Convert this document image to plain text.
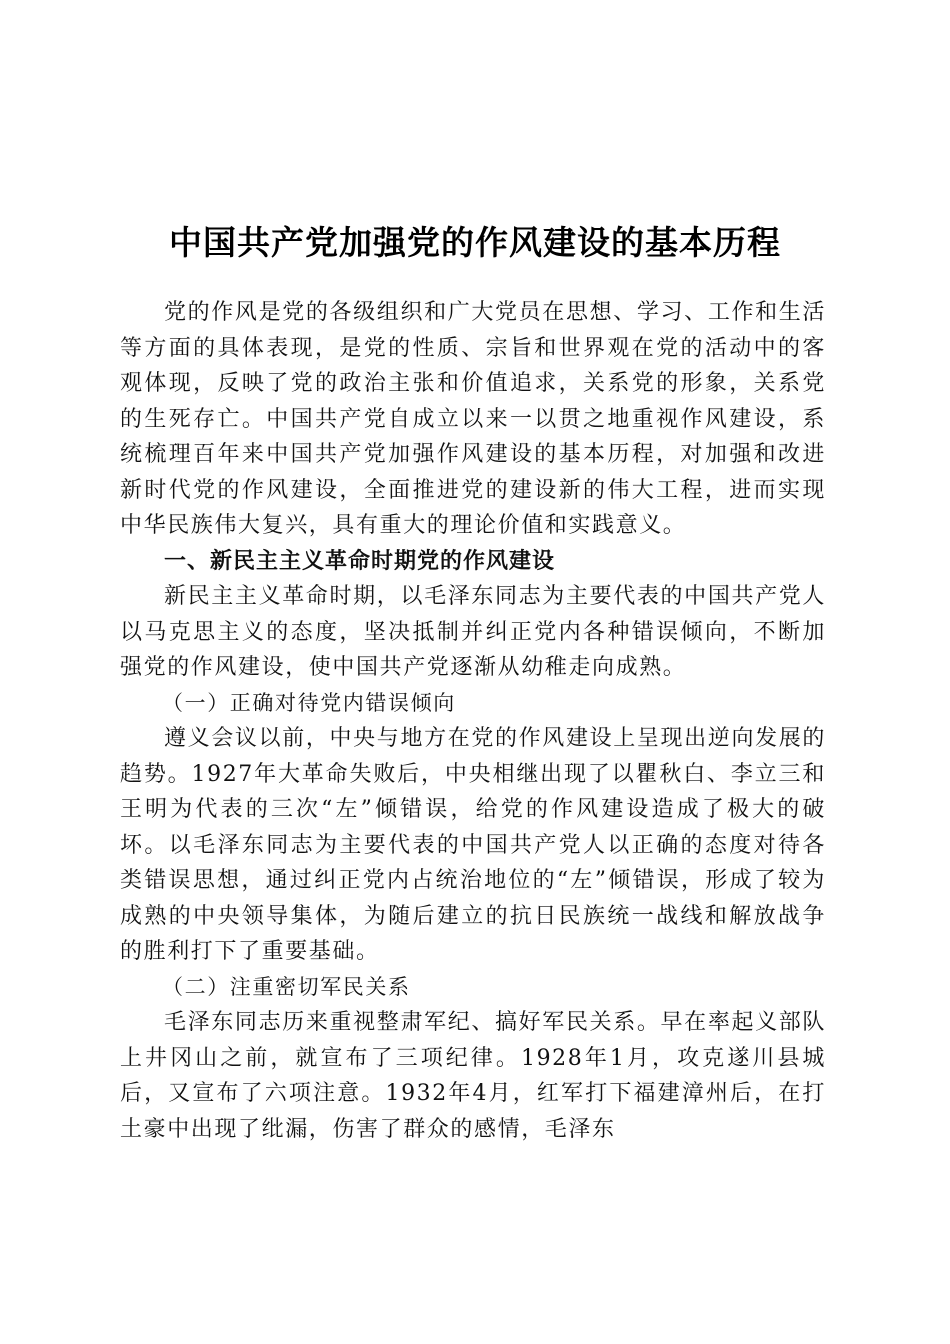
中国共产党加强党的作风建设的基本历程

党的作风是党的各级组织和广大党员在思想、学习、工作和生活等方面的具体表现，是党的性质、宗旨和世界观在党的活动中的客观体现，反映了党的政治主张和价值追求，关系党的形象，关系党的生死存亡。中国共产党自成立以来一以贯之地重视作风建设，系统梳理百年来中国共产党加强作风建设的基本历程，对加强和改进新时代党的作风建设，全面推进党的建设新的伟大工程，进而实现中华民族伟大复兴，具有重大的理论价值和实践意义。

一、新民主主义革命时期党的作风建设

新民主主义革命时期，以毛泽东同志为主要代表的中国共产党人以马克思主义的态度，坚决抵制并纠正党内各种错误倾向，不断加强党的作风建设，使中国共产党逐渐从幼稚走向成熟。

（一）正确对待党内错误倾向

遵义会议以前，中央与地方在党的作风建设上呈现出逆向发展的趋势。1927年大革命失败后，中央相继出现了以瞿秋白、李立三和王明为代表的三次“左”倾错误，给党的作风建设造成了极大的破坏。以毛泽东同志为主要代表的中国共产党人以正确的态度对待各类错误思想，通过纠正党内占统治地位的“左”倾错误，形成了较为成熟的中央领导集体，为随后建立的抗日民族统一战线和解放战争的胜利打下了重要基础。

（二）注重密切军民关系

毛泽东同志历来重视整肃军纪、搞好军民关系。早在率起义部队上井冈山之前，就宣布了三项纪律。1928年1月，攻克遂川县城后，又宣布了六项注意。1932年4月，红军打下福建漳州后，在打土豪中出现了纰漏，伤害了群众的感情，毛泽东
